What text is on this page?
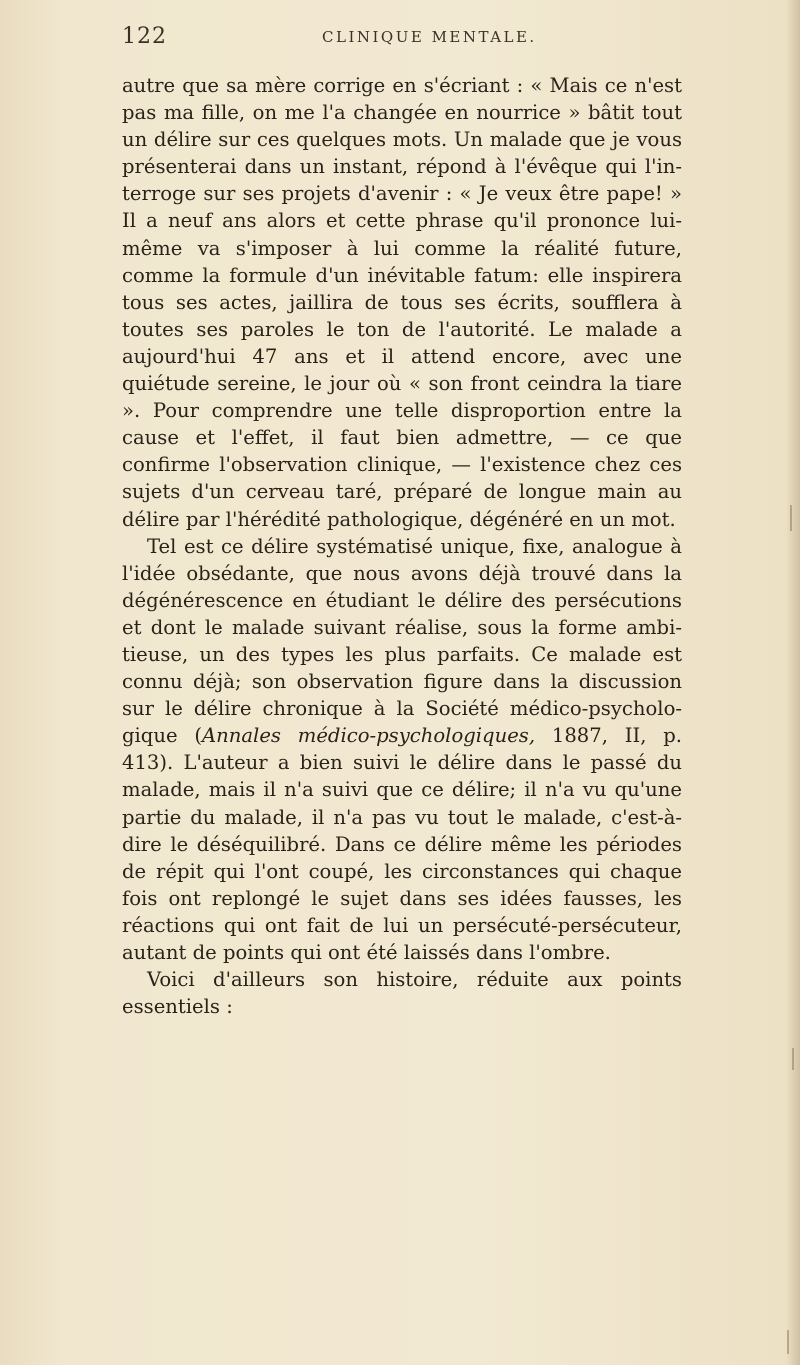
122	CLINIQUE MENTALE.

autre que sa mère corrige en s'écriant : « Mais ce n'est pas ma fille, on me l'a changée en nourrice » bâtit tout un délire sur ces quelques mots. Un malade que je vous présenterai dans un instant, répond à l'évêque qui l'interroge sur ses projets d'avenir : « Je veux être pape! » Il a neuf ans alors et cette phrase qu'il prononce lui-même va s'imposer à lui comme la réalité future, comme la formule d'un inévitable fatum: elle inspirera tous ses actes, jaillira de tous ses écrits, soufflera à toutes ses paroles le ton de l'autorité. Le malade a aujourd'hui 47 ans et il attend encore, avec une quiétude sereine, le jour où « son front ceindra la tiare ». Pour comprendre une telle disproportion entre la cause et l'effet, il faut bien admettre, — ce que confirme l'observation clinique, — l'existence chez ces sujets d'un cerveau taré, préparé de longue main au délire par l'hérédité pathologique, dégénéré en un mot.

Tel est ce délire systématisé unique, fixe, analogue à l'idée obsédante, que nous avons déjà trouvé dans la dégénérescence en étudiant le délire des persécutions et dont le malade suivant réalise, sous la forme ambitieuse, un des types les plus parfaits. Ce malade est connu déjà; son observation figure dans la discussion sur le délire chronique à la Société médico-psychologique (Annales médico-psychologiques, 1887, II, p. 413). L'auteur a bien suivi le délire dans le passé du malade, mais il n'a suivi que ce délire; il n'a vu qu'une partie du malade, il n'a pas vu tout le malade, c'est-à-dire le déséquilibré. Dans ce délire même les périodes de répit qui l'ont coupé, les circonstances qui chaque fois ont replongé le sujet dans ses idées fausses, les réactions qui ont fait de lui un persécuté-persécuteur, autant de points qui ont été laissés dans l'ombre.

Voici d'ailleurs son histoire, réduite aux points essentiels :
